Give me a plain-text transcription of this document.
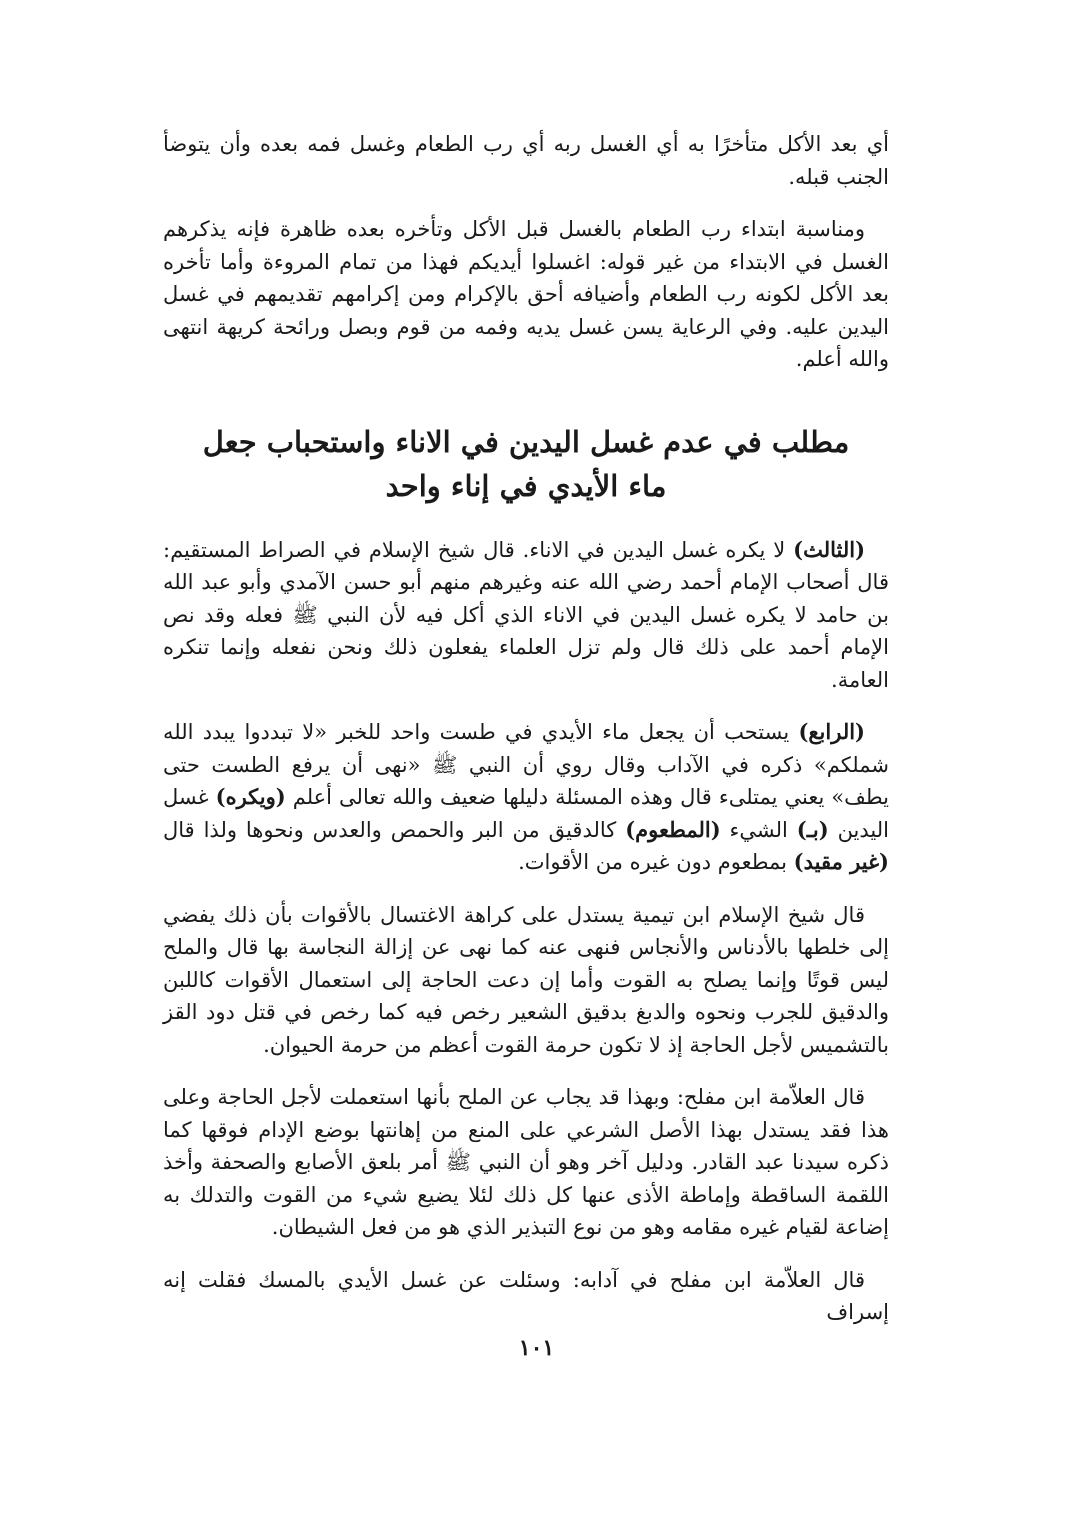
أي بعد الأكل متأخرًا به أي الغسل ربه أي رب الطعام وغسل فمه بعده وأن يتوضأ الجنب قبله.

ومناسبة ابتداء رب الطعام بالغسل قبل الأكل وتأخره بعده ظاهرة فإنه يذكرهم الغسل في الابتداء من غير قوله: اغسلوا أيديكم فهذا من تمام المروءة وأما تأخره بعد الأكل لكونه رب الطعام وأضيافه أحق بالإكرام ومن إكرامهم تقديمهم في غسل اليدين عليه. وفي الرعاية يسن غسل يديه وفمه من قوم وبصل ورائحة كريهة انتهى والله أعلم.

مطلب في عدم غسل اليدين في الاناء واستحباب جعل
ماء الأيدي في إناء واحد

(الثالث) لا يكره غسل اليدين في الاناء. قال شيخ الإسلام في الصراط المستقيم: قال أصحاب الإمام أحمد رضي الله عنه وغيرهم منهم أبو حسن الآمدي وأبو عبد الله بن حامد لا يكره غسل اليدين في الاناء الذي أكل فيه لأن النبي ﷺ فعله وقد نص الإمام أحمد على ذلك قال ولم تزل العلماء يفعلون ذلك ونحن نفعله وإنما تنكره العامة.

(الرابع) يستحب أن يجعل ماء الأيدي في طست واحد للخبر «لا تبددوا يبدد الله شملكم» ذكره في الآداب وقال روي أن النبي ﷺ «نهى أن يرفع الطست حتى يطف» يعني يمتلىء قال وهذه المسئلة دليلها ضعيف والله تعالى أعلم (ويكره) غسل اليدين (بـ) الشيء (المطعوم) كالدقيق من البر والحمص والعدس ونحوها ولذا قال (غير مقيد) بمطعوم دون غيره من الأقوات.

قال شيخ الإسلام ابن تيمية يستدل على كراهة الاغتسال بالأقوات بأن ذلك يفضي إلى خلطها بالأدناس والأنجاس فنهى عنه كما نهى عن إزالة النجاسة بها قال والملح ليس قوتًا وإنما يصلح به القوت وأما إن دعت الحاجة إلى استعمال الأقوات كاللبن والدقيق للجرب ونحوه والدبغ بدقيق الشعير رخص فيه كما رخص في قتل دود القز بالتشميس لأجل الحاجة إذ لا تكون حرمة القوت أعظم من حرمة الحيوان.

قال العلاّمة ابن مفلح: وبهذا قد يجاب عن الملح بأنها استعملت لأجل الحاجة وعلى هذا فقد يستدل بهذا الأصل الشرعي على المنع من إهانتها بوضع الإدام فوقها كما ذكره سيدنا عبد القادر. ودليل آخر وهو أن النبي ﷺ أمر بلعق الأصابع والصحفة وأخذ اللقمة الساقطة وإماطة الأذى عنها كل ذلك لئلا يضيع شيء من القوت والتدلك به إضاعة لقيام غيره مقامه وهو من نوع التبذير الذي هو من فعل الشيطان.

قال العلاّمة ابن مفلح في آدابه: وسئلت عن غسل الأيدي بالمسك فقلت إنه إسراف

١٠١
